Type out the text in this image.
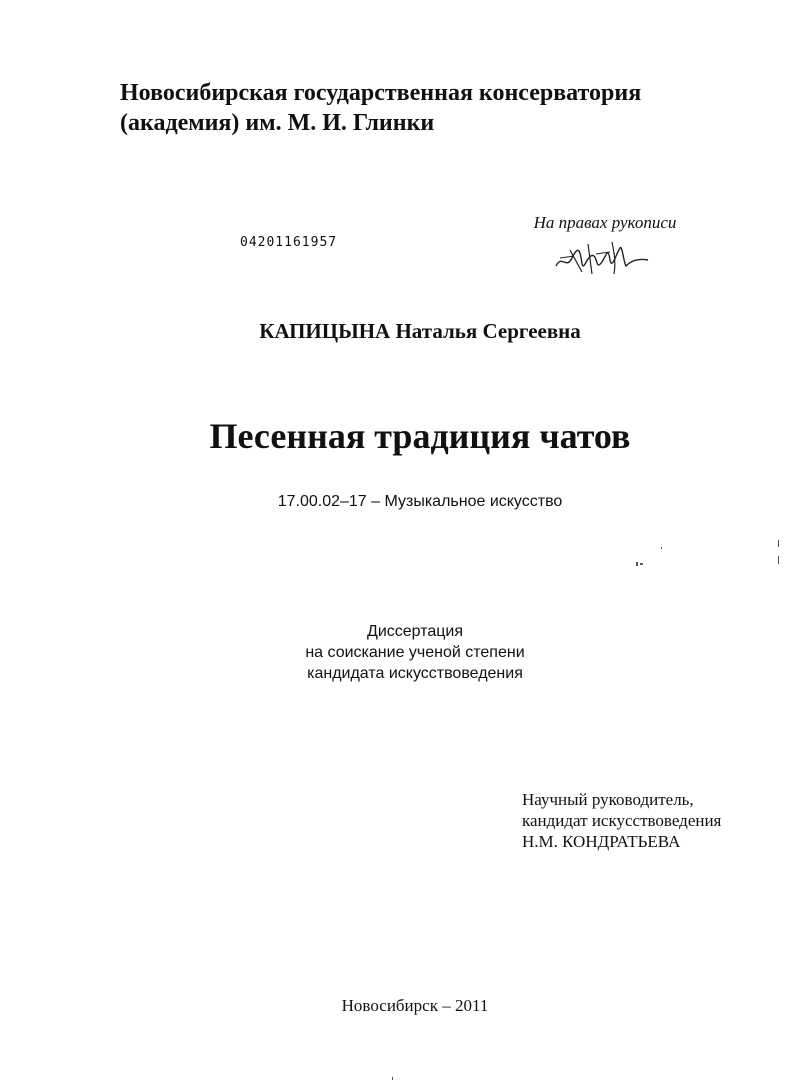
Новосибирская государственная консерватория
(академия) им. М. И. Глинки
На правах рукописи
04201161957
КАПИЦЫНА Наталья Сергеевна
Песенная традиция чатов
17.00.02–17 – Музыкальное искусство
Диссертация
на соискание ученой степени
кандидата искусствоведения
Научный руководитель,
кандидат искусствоведения
Н.М. КОНДРАТЬЕВА
Новосибирск – 2011
